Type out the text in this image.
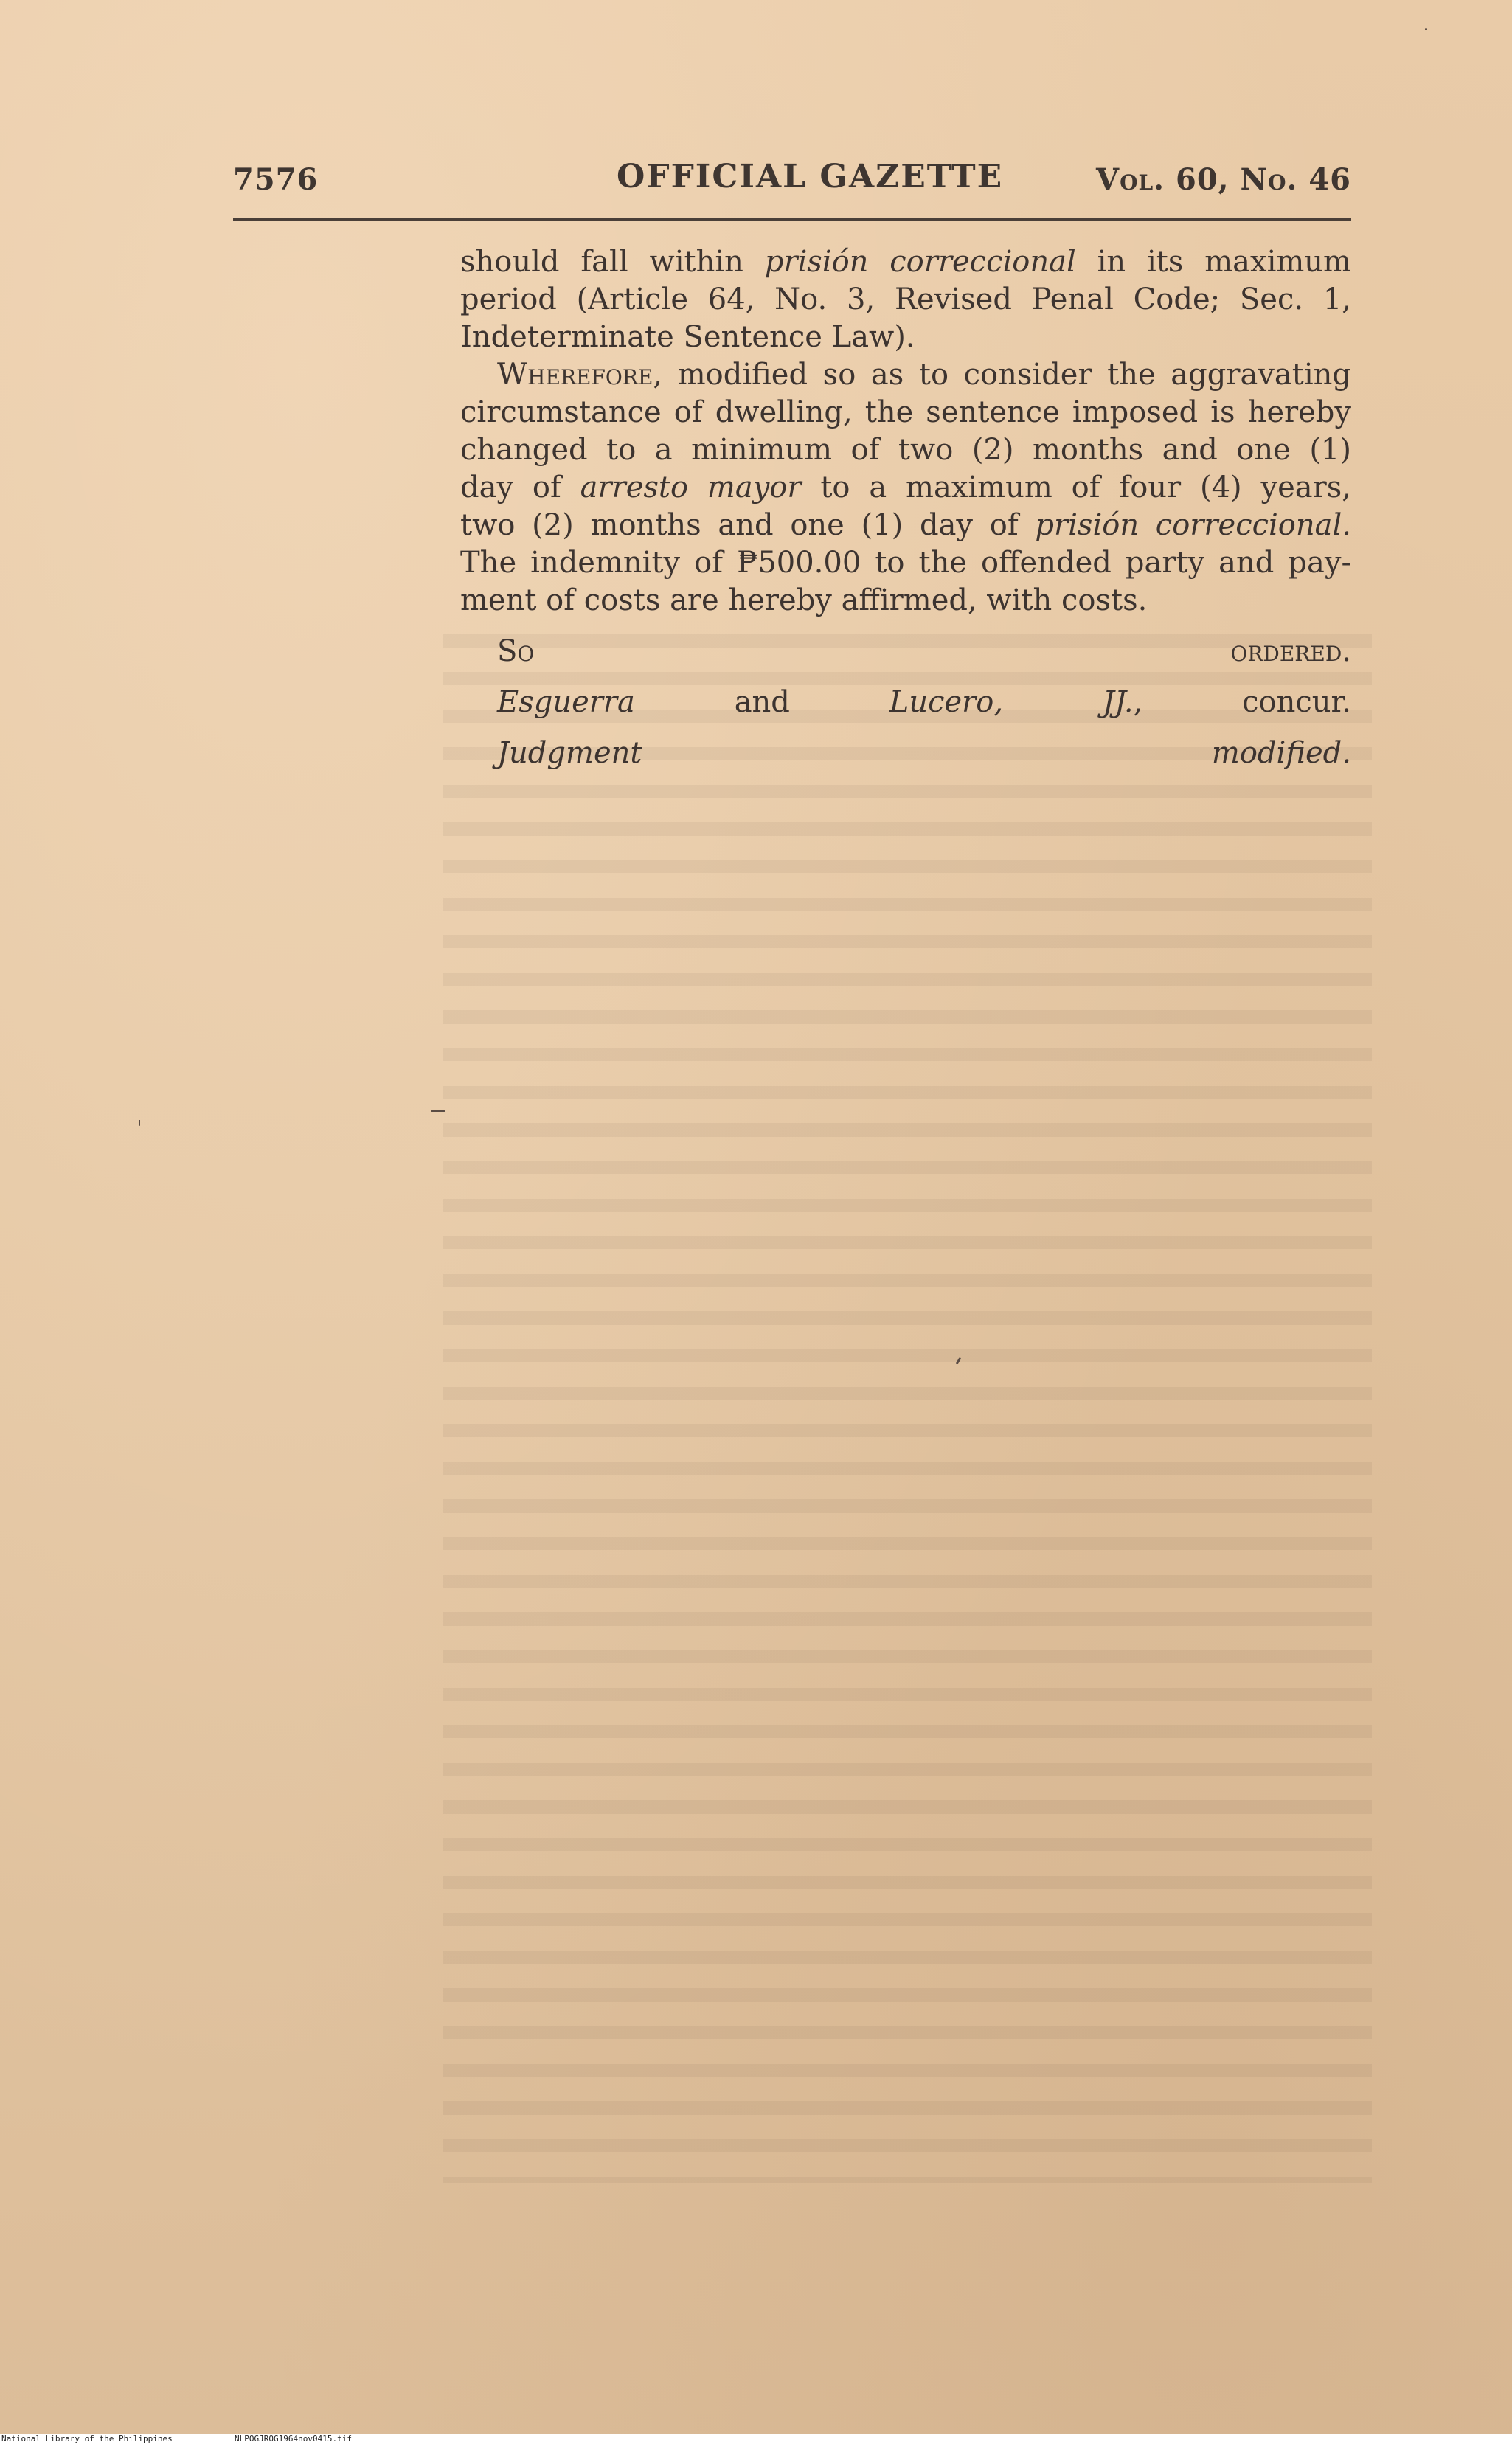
7576	OFFICIAL GAZETTE	Vol. 60, No. 46

should fall within prisión correccional in its maximum

period (Article 64, No. 3, Revised Penal Code; Sec. 1,

Indeterminate Sentence Law).

Wherefore, modified so as to consider the aggravating

circumstance of dwelling, the sentence imposed is hereby

changed to a minimum of two (2) months and one (1)

day of arresto mayor to a maximum of four (4) years,

two (2) months and one (1) day of prisión correccional.

The indemnity of ₱500.00 to the offended party and pay-

ment of costs are hereby affirmed, with costs.

So ordered.

Esguerra and Lucero, JJ., concur.

Judgment modified.

National Library of the Philippines	NLPOGJROG1964nov0415.tif
